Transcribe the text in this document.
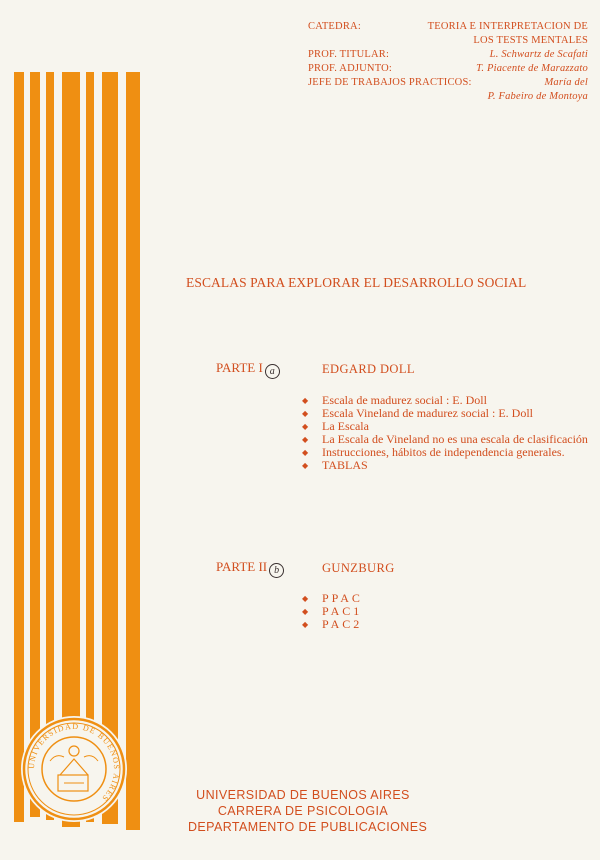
CATEDRA:	TEORIA E INTERPRETACION DE
LOS TESTS MENTALES
PROF. TITULAR:	L. Schwartz de Scafati
PROF. ADJUNTO:	T. Piacente de Marazzato
JEFE DE TRABAJOS PRACTICOS:	María del
P. Fabeiro de Montoya
UNIVERSIDAD DE BUENOS AIRES
ESCALAS PARA EXPLORAR EL DESARROLLO SOCIAL
PARTE I a	EDGARD DOLL
◆ Escala de madurez social : E. Doll
◆ Escala Vineland de madurez social : E. Doll
◆ La Escala
◆ La Escala de Vineland no es una escala de clasificación
◆ Instrucciones, hábitos de independencia generales.
◆ TABLAS
PARTE II b	GUNZBURG
◆ PPAC
◆ PAC1
◆ PAC2
UNIVERSIDAD DE BUENOS AIRES
CARRERA DE PSICOLOGIA
DEPARTAMENTO DE PUBLICACIONES
